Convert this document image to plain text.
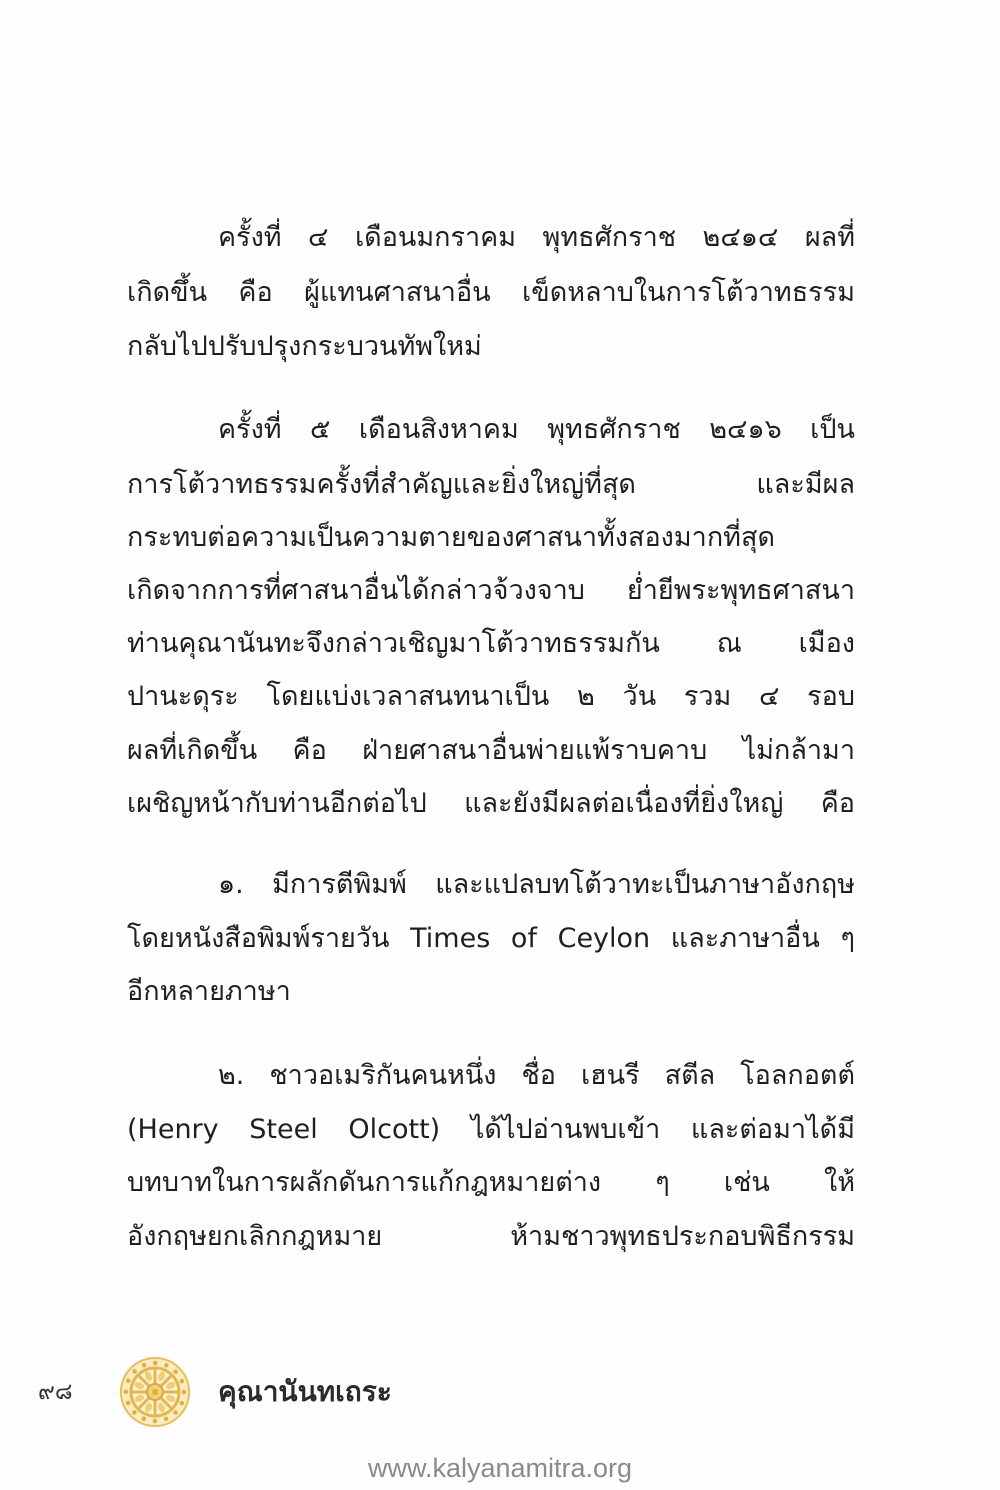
ครั้งที่ ๔ เดือนมกราคม พุทธศักราช ๒๔๑๔ ผลที่
เกิดขึ้น คือ ผู้แทนศาสนาอื่น เข็ดหลาบในการโต้วาทธรรม
กลับไปปรับปรุงกระบวนทัพใหม่
ครั้งที่ ๕ เดือนสิงหาคม พุทธศักราช ๒๔๑๖ เป็น
การโต้วาทธรรมครั้งที่สำคัญและยิ่งใหญ่ที่สุด และมีผล
กระทบต่อความเป็นความตายของศาสนาทั้งสองมากที่สุด
เกิดจากการที่ศาสนาอื่นได้กล่าวจ้วงจาบ ย่ำยีพระพุทธศาสนา
ท่านคุณานันทะจึงกล่าวเชิญมาโต้วาทธรรมกัน ณ เมือง
ปานะดุระ โดยแบ่งเวลาสนทนาเป็น ๒ วัน รวม ๔ รอบ
ผลที่เกิดขึ้น คือ ฝ่ายศาสนาอื่นพ่ายแพ้ราบคาบ ไม่กล้ามา
เผชิญหน้ากับท่านอีกต่อไป และยังมีผลต่อเนื่องที่ยิ่งใหญ่ คือ
๑. มีการตีพิมพ์ และแปลบทโต้วาทะเป็นภาษาอังกฤษ
โดยหนังสือพิมพ์รายวัน Times of Ceylon และภาษาอื่น ๆ
อีกหลายภาษา
๒. ชาวอเมริกันคนหนึ่ง ชื่อ เฮนรี สตีล โอลกอตต์
(Henry Steel Olcott) ได้ไปอ่านพบเข้า และต่อมาได้มี
บทบาทในการผลักดันการแก้กฎหมายต่าง ๆ เช่น ให้
อังกฤษยกเลิกกฎหมาย ห้ามชาวพุทธประกอบพิธีกรรม
๙๘	คุณานันทเถระ
www.kalyanamitra.org
